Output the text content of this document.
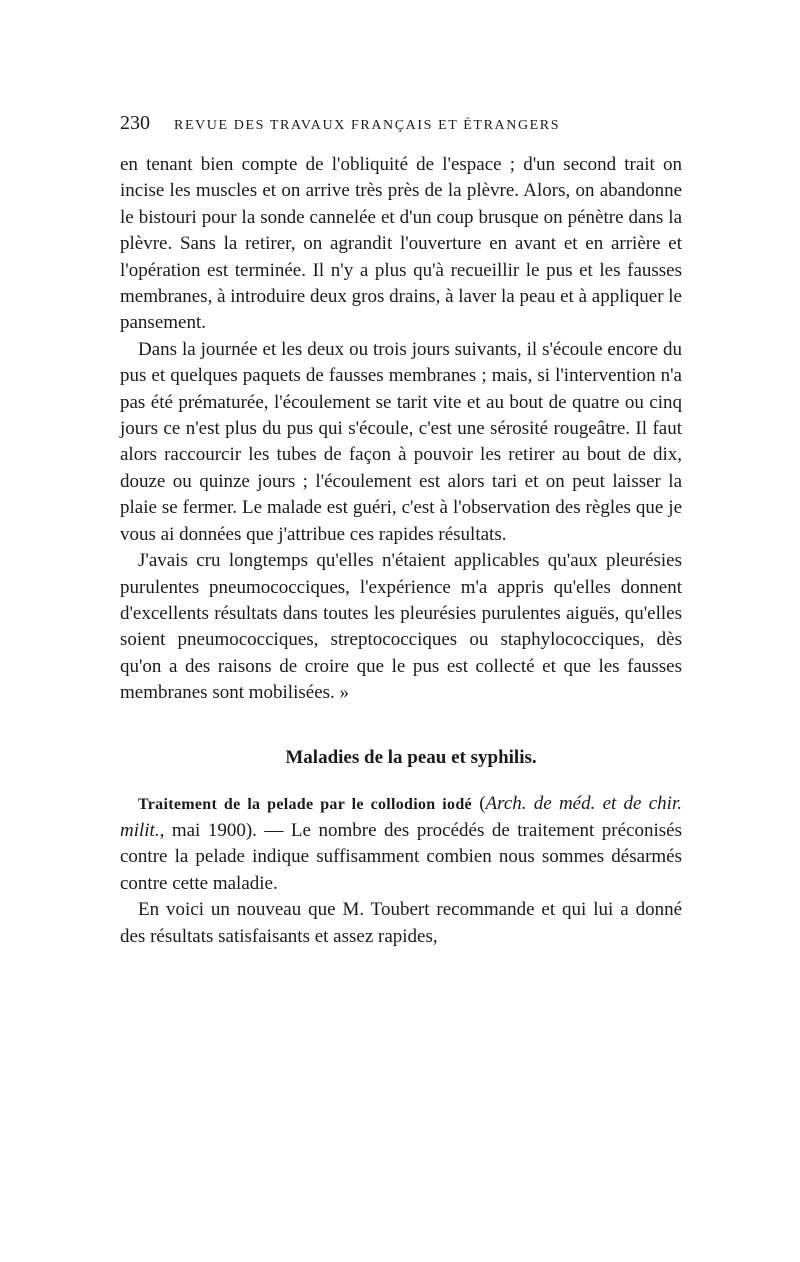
230 REVUE DES TRAVAUX FRANÇAIS ET ÉTRANGERS

en tenant bien compte de l'obliquité de l'espace ; d'un second trait on incise les muscles et on arrive très près de la plèvre. Alors, on abandonne le bistouri pour la sonde cannelée et d'un coup brusque on pénètre dans la plèvre. Sans la retirer, on agrandit l'ouverture en avant et en arrière et l'opération est terminée. Il n'y a plus qu'à recueillir le pus et les fausses membranes, à introduire deux gros drains, à laver la peau et à appliquer le pansement.

Dans la journée et les deux ou trois jours suivants, il s'écoule encore du pus et quelques paquets de fausses membranes ; mais, si l'intervention n'a pas été prématurée, l'écoulement se tarit vite et au bout de quatre ou cinq jours ce n'est plus du pus qui s'écoule, c'est une sérosité rougeâtre. Il faut alors raccourcir les tubes de façon à pouvoir les retirer au bout de dix, douze ou quinze jours ; l'écoulement est alors tari et on peut laisser la plaie se fermer. Le malade est guéri, c'est à l'observation des règles que je vous ai données que j'attribue ces rapides résultats.

J'avais cru longtemps qu'elles n'étaient applicables qu'aux pleurésies purulentes pneumococciques, l'expérience m'a appris qu'elles donnent d'excellents résultats dans toutes les pleurésies purulentes aiguës, qu'elles soient pneumococciques, streptococciques ou staphylococciques, dès qu'on a des raisons de croire que le pus est collecté et que les fausses membranes sont mobilisées. »

Maladies de la peau et syphilis.

Traitement de la pelade par le collodion iodé (Arch. de méd. et de chir. milit., mai 1900). — Le nombre des procédés de traitement préconisés contre la pelade indique suffisamment combien nous sommes désarmés contre cette maladie.

En voici un nouveau que M. Toubert recommande et qui lui a donné des résultats satisfaisants et assez rapides,
